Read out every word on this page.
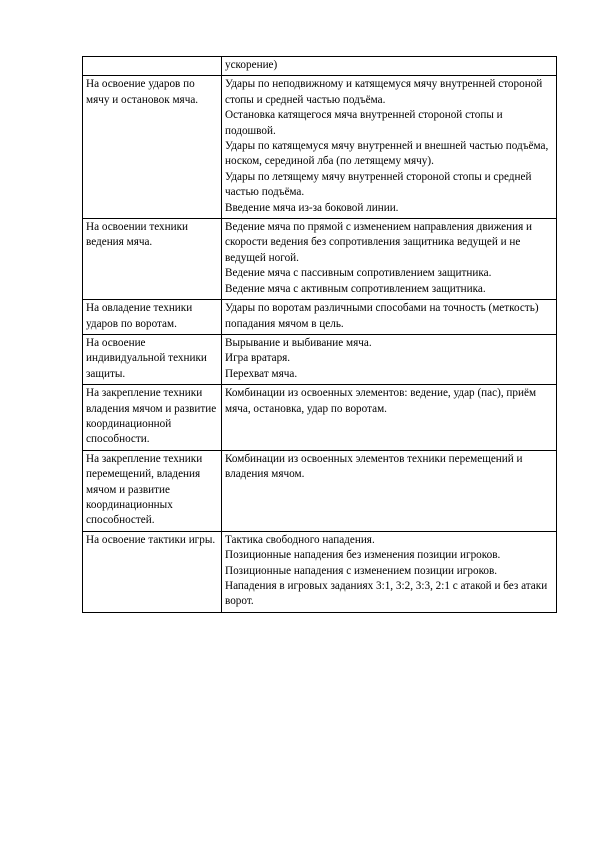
	ускорение)

На освоение ударов по мячу и остановок мяча.	Удары по неподвижному и катящемуся мячу внутренней стороной стопы и средней частью подъёма.
Остановка катящегося мяча внутренней стороной стопы и подошвой.
Удары по катящемуся мячу внутренней и внешней частью подъёма, носком, серединой лба (по летящему мячу).
Удары по летящему мячу внутренней стороной стопы и средней частью подъёма.
Введение мяча из-за боковой линии.

На освоении техники ведения мяча.	Ведение мяча по прямой с изменением направления движения и скорости ведения без сопротивления защитника ведущей и не ведущей ногой.
Ведение мяча с пассивным сопротивлением защитника.
Ведение мяча с активным сопротивлением защитника.

На овладение техники ударов по воротам.	Удары по воротам различными способами на точность (меткость) попадания мячом в цель.

На освоение индивидуальной техники защиты.	Вырывание и выбивание мяча.
Игра вратаря.
Перехват мяча.

На закрепление техники владения мячом и развитие координационной способности.	Комбинации из освоенных элементов: ведение, удар (пас), приём мяча, остановка, удар по воротам.

На закрепление техники перемещений, владения мячом и развитие координационных способностей.	Комбинации из освоенных элементов техники перемещений и владения мячом.

На освоение тактики игры.	Тактика свободного нападения.
Позиционные нападения без изменения позиции игроков.
Позиционные нападения с изменением позиции игроков.
Нападения в игровых заданиях 3:1, 3:2, 3:3, 2:1 с атакой и без атаки ворот.
